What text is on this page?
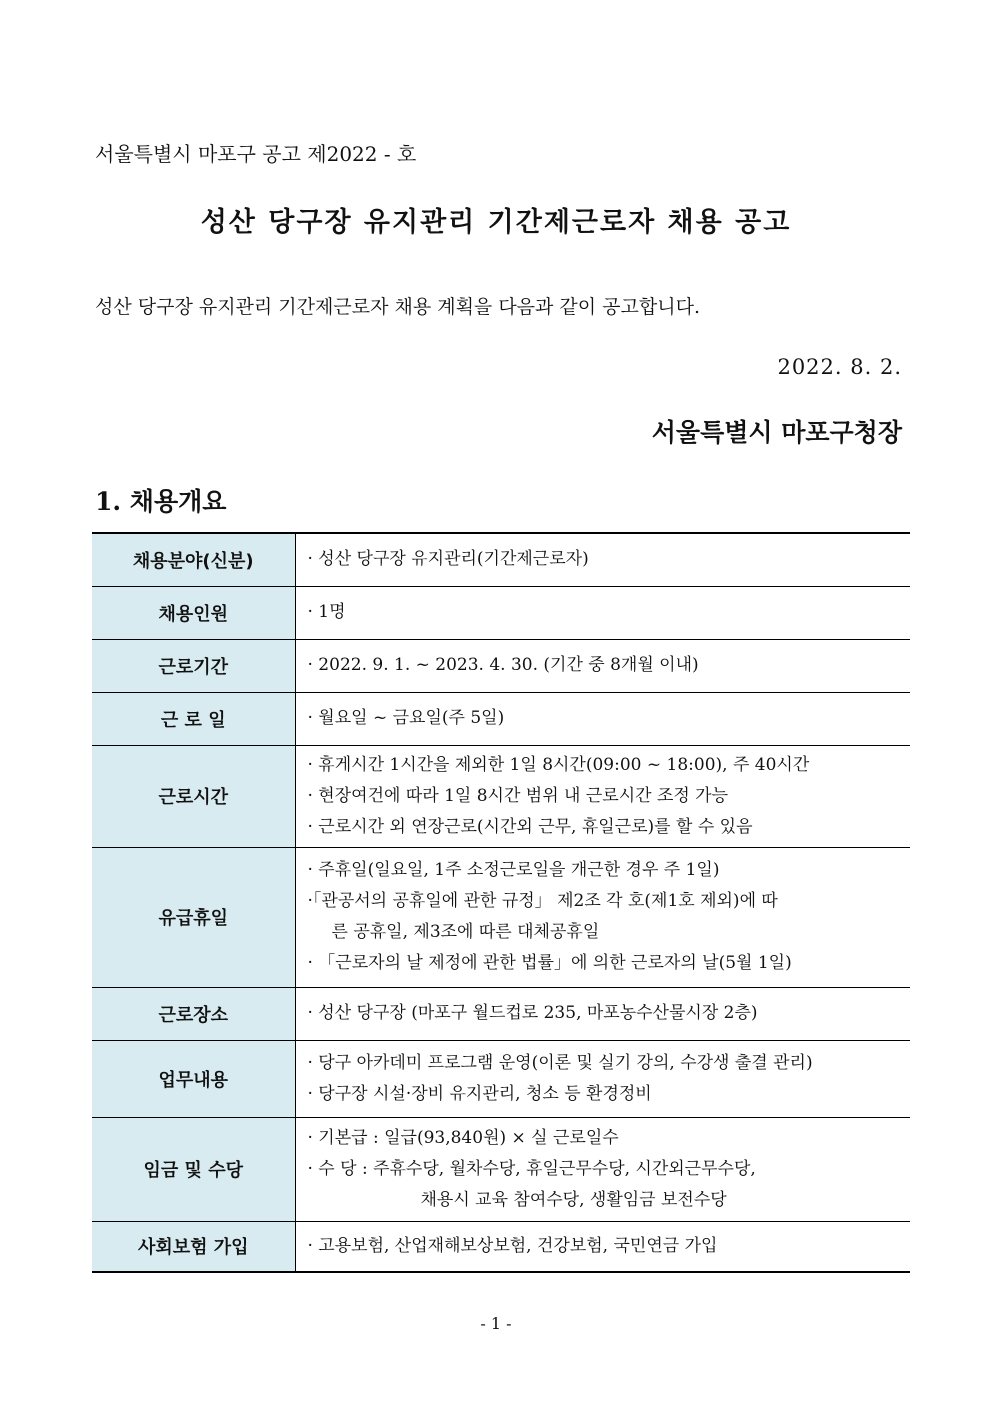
서울특별시 마포구 공고 제2022 - 호
성산 당구장 유지관리 기간제근로자 채용 공고
성산 당구장 유지관리 기간제근로자 채용 계획을 다음과 같이 공고합니다.
2022. 8. 2.
서울특별시 마포구청장
1. 채용개요
채용분야(신분)	· 성산 당구장 유지관리(기간제근로자)

채용인원	· 1명

근로기간	· 2022. 9. 1. ~ 2023. 4. 30. (기간 중 8개월 이내)

근 로 일	· 월요일 ~ 금요일(주 5일)

근로시간	· 휴게시간 1시간을 제외한 1일 8시간(09:00 ~ 18:00), 주 40시간
· 현장여건에 따라 1일 8시간 범위 내 근로시간 조정 가능
· 근로시간 외 연장근로(시간외 근무, 휴일근로)를 할 수 있음

유급휴일	· 주휴일(일요일, 1주 소정근로일을 개근한 경우 주 1일)
·「관공서의 공휴일에 관한 규정」 제2조 각 호(제1호 제외)에 따
른 공휴일, 제3조에 따른 대체공휴일
· 「근로자의 날 제정에 관한 법률」에 의한 근로자의 날(5월 1일)

근로장소	· 성산 당구장 (마포구 월드컵로 235, 마포농수산물시장 2층)

업무내용	· 당구 아카데미 프로그램 운영(이론 및 실기 강의, 수강생 출결 관리)
· 당구장 시설·장비 유지관리, 청소 등 환경정비

임금 및 수당	· 기본급 : 일급(93,840원) × 실 근로일수
· 수 당 : 주휴수당, 월차수당, 휴일근무수당, 시간외근무수당,
채용시 교육 참여수당, 생활임금 보전수당

사회보험 가입	· 고용보험, 산업재해보상보험, 건강보험, 국민연금 가입
- 1 -
